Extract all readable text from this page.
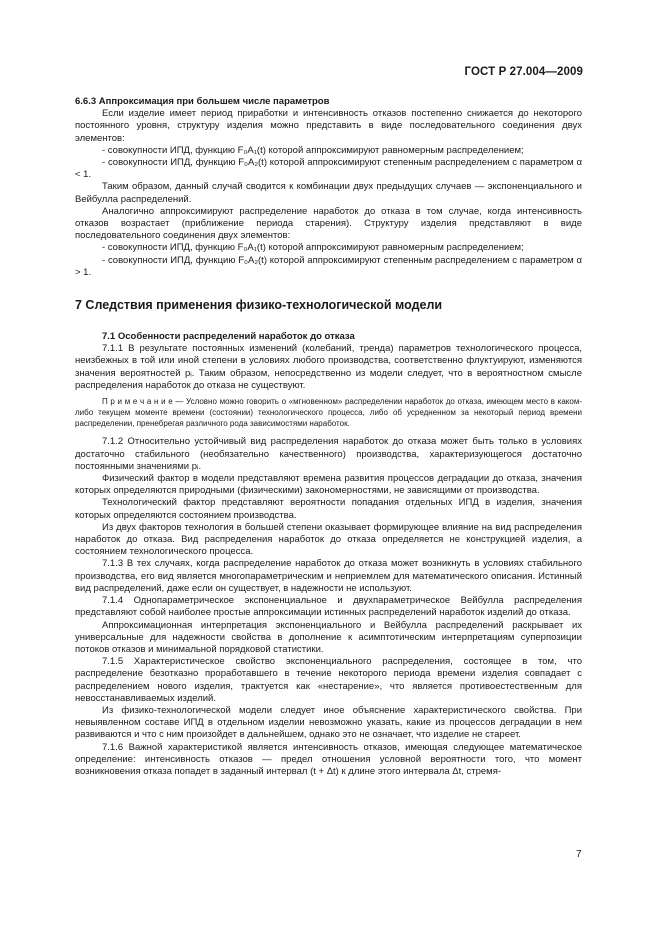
ГОСТ Р 27.004—2009

6.6.3 Аппроксимация при большем числе параметров

Если изделие имеет период приработки и интенсивность отказов постепенно снижается до некоторого постоянного уровня, структуру изделия можно представить в виде последовательного соединения двух элементов:

- совокупности ИПД, функцию F₀A₁(t) которой аппроксимируют равномерным распределением;

- совокупности ИПД, функцию F₀A₂(t) которой аппроксимируют степенным распределением с параметром α < 1.

Таким образом, данный случай сводится к комбинации двух предыдущих случаев — экспоненциального и Вейбулла распределений.

Аналогично аппроксимируют распределение наработок до отказа в том случае, когда интенсивность отказов возрастает (приближение периода старения). Структуру изделия представляют в виде последовательного соединения двух элементов:

- совокупности ИПД, функцию F₀A₁(t) которой аппроксимируют равномерным распределением;

- совокупности ИПД, функцию F₀A₂(t) которой аппроксимируют степенным распределением с параметром α > 1.

7 Следствия применения физико-технологической модели

7.1 Особенности распределений наработок до отказа

7.1.1 В результате постоянных изменений (колебаний, тренда) параметров технологического процесса, неизбежных в той или иной степени в условиях любого производства, соответственно флуктуируют, изменяются значения вероятностей pᵢ. Таким образом, непосредственно из модели следует, что в вероятностном смысле распределения наработок до отказа не существуют.

П р и м е ч а н и е — Условно можно говорить о «мгновенном» распределении наработок до отказа, имеющем место в каком-либо текущем моменте времени (состоянии) технологического процесса, либо об усредненном за некоторый период времени распределении, пренебрегая различного рода зависимостями наработок.

7.1.2 Относительно устойчивый вид распределения наработок до отказа может быть только в условиях достаточно стабильного (необязательно качественного) производства, характеризующегося достаточно постоянными значениями pᵢ.

Физический фактор в модели представляют времена развития процессов деградации до отказа, значения которых определяются природными (физическими) закономерностями, не зависящими от производства.

Технологический фактор представляют вероятности попадания отдельных ИПД в изделия, значения которых определяются состоянием производства.

Из двух факторов технология в большей степени оказывает формирующее влияние на вид распределения наработок до отказа. Вид распределения наработок до отказа определяется не конструкцией изделия, а состоянием технологического процесса.

7.1.3 В тех случаях, когда распределение наработок до отказа может возникнуть в условиях стабильного производства, его вид является многопараметрическим и неприемлем для математического описания. Истинный вид распределений, даже если он существует, в надежности не используют.

7.1.4 Однопараметрическое экспоненциальное и двухпараметрическое Вейбулла распределения представляют собой наиболее простые аппроксимации истинных распределений наработок изделий до отказа.

Аппроксимационная интерпретация экспоненциального и Вейбулла распределений раскрывает их универсальные для надежности свойства в дополнение к асимптотическим интерпретациям суперпозиции потоков отказов и минимальной порядковой статистики.

7.1.5 Характеристическое свойство экспоненциального распределения, состоящее в том, что распределение безотказно проработавшего в течение некоторого периода времени изделия совпадает с распределением нового изделия, трактуется как «нестарение», что является противоестественным для невосстанавливаемых изделий.

Из физико-технологической модели следует иное объяснение характеристического свойства. При невыявленном составе ИПД в отдельном изделии невозможно указать, какие из процессов деградации в нем развиваются и что с ним произойдет в дальнейшем, однако это не означает, что изделие не стареет.

7.1.6 Важной характеристикой является интенсивность отказов, имеющая следующее математическое определение: интенсивность отказов — предел отношения условной вероятности того, что момент возникновения отказа попадет в заданный интервал (t + Δt) к длине этого интервала Δt, стремя-

7
